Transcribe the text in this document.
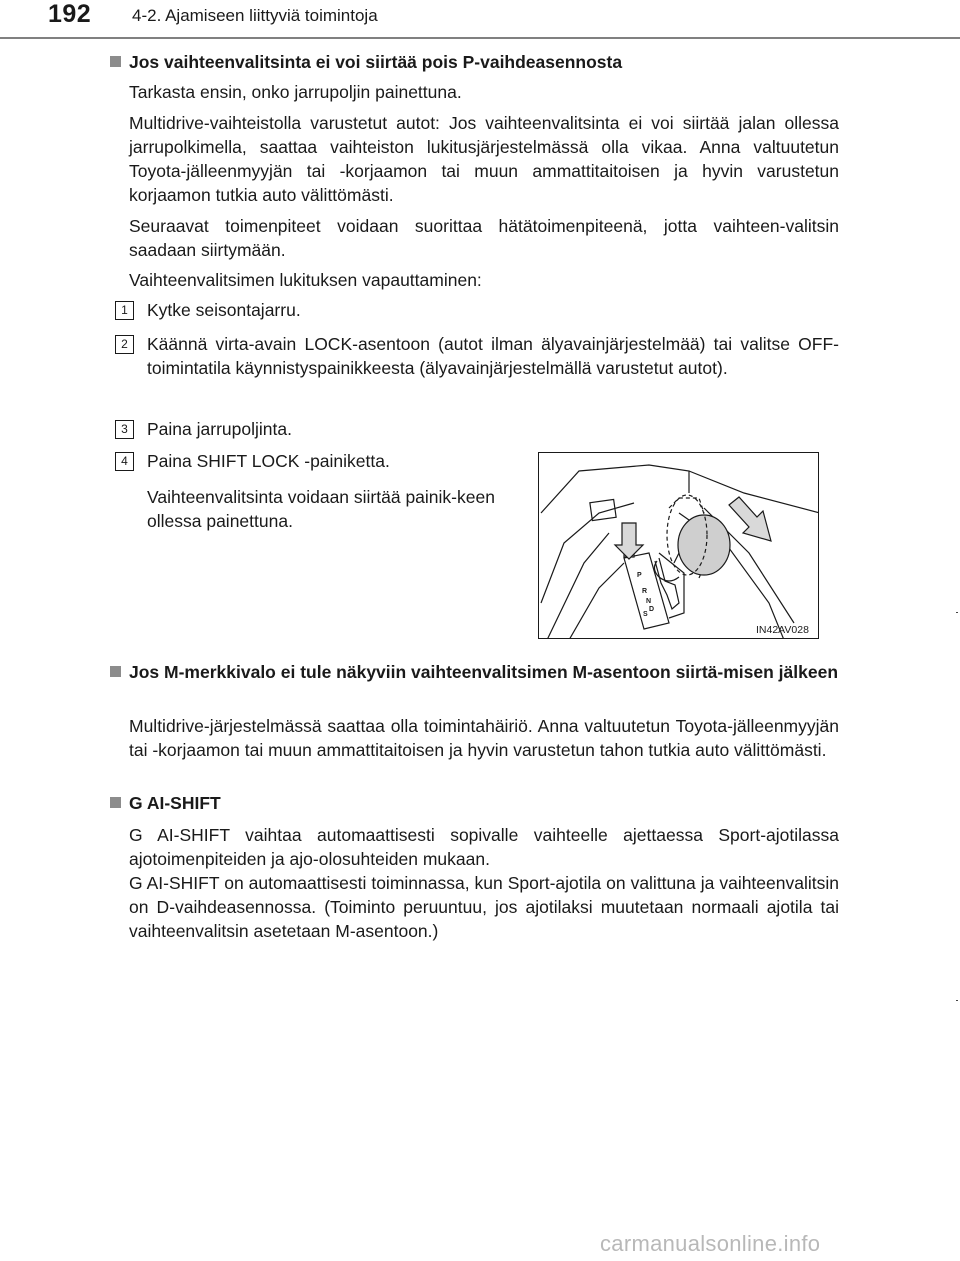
192 4-2. Ajamiseen liittyviä toimintoja
Jos vaihteenvalitsinta ei voi siirtää pois P-vaihdeasennosta
Tarkasta ensin, onko jarrupoljin painettuna.
Multidrive-vaihteistolla varustetut autot: Jos vaihteenvalitsinta ei voi siirtää jalan ollessa jarrupolkimella, saattaa vaihteiston lukitusjärjestelmässä olla vikaa. Anna valtuutetun Toyota-jälleenmyyjän tai -korjaamon tai muun ammattitaitoisen ja hyvin varustetun korjaamon tutkia auto välittömästi.
Seuraavat toimenpiteet voidaan suorittaa hätätoimenpiteenä, jotta vaihteen-valitsin saadaan siirtymään.
Vaihteenvalitsimen lukituksen vapauttaminen:
1	Kytke seisontajarru.
2	Käännä virta-avain LOCK-asentoon (autot ilman älyavainjärjestelmää) tai valitse OFF-toimintatila käynnistyspainikkeesta (älyavainjärjestelmällä varustetut autot).
3	Paina jarrupoljinta.
4	Paina SHIFT LOCK -painiketta.
Vaihteenvalitsinta voidaan siirtää painik-keen ollessa painettuna.
P
R
N
D
S
IN42AV028
Jos M-merkkivalo ei tule näkyviin vaihteenvalitsimen M-asentoon siirtä-misen jälkeen
Multidrive-järjestelmässä saattaa olla toimintahäiriö. Anna valtuutetun Toyota-jälleenmyyjän tai -korjaamon tai muun ammattitaitoisen ja hyvin varustetun tahon tutkia auto välittömästi.
G AI-SHIFT
G AI-SHIFT vaihtaa automaattisesti sopivalle vaihteelle ajettaessa Sport-ajotilassa ajotoimenpiteiden ja ajo-olosuhteiden mukaan.
G AI-SHIFT on automaattisesti toiminnassa, kun Sport-ajotila on valittuna ja vaihteenvalitsin on D-vaihdeasennossa. (Toiminto peruuntuu, jos ajotilaksi muutetaan normaali ajotila tai vaihteenvalitsin asetetaan M-asentoon.)
carmanualsonline.info
